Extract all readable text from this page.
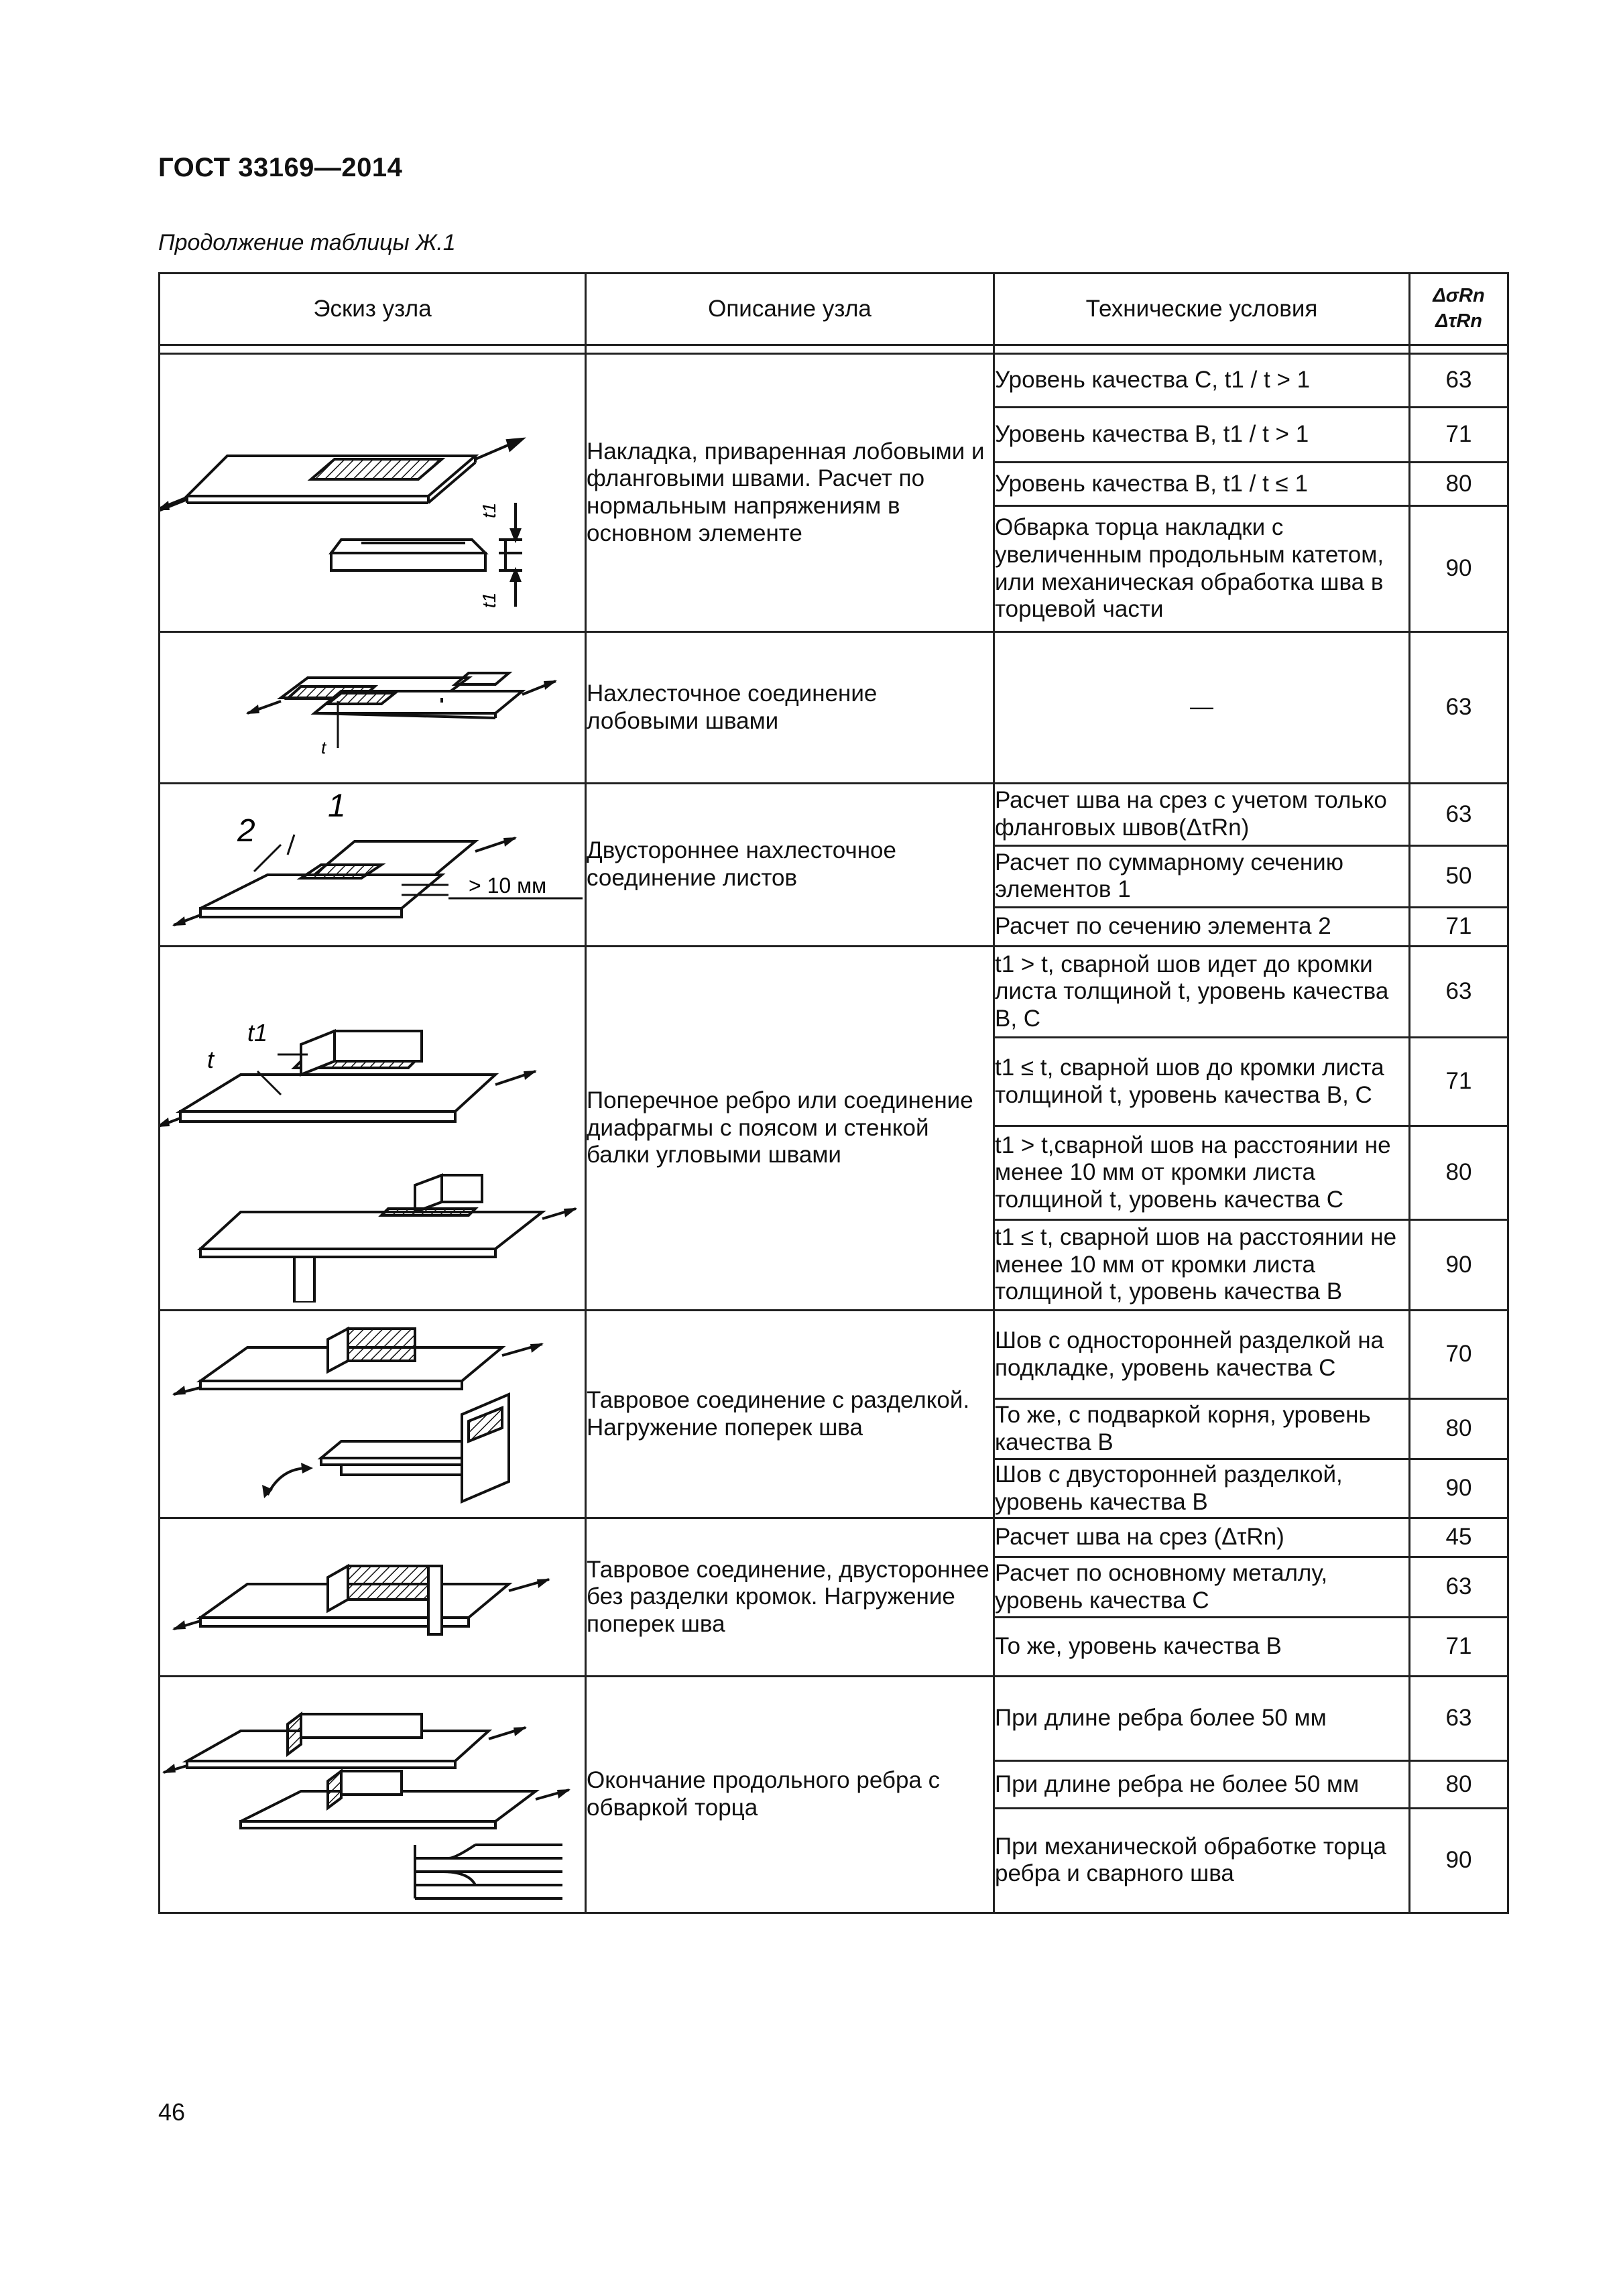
ГОСТ 33169—2014
Продолжение таблицы Ж.1
Эскиз узла	Описание узла	Технические условия	ΔσRn
ΔτRn

t1
t1	Накладка, приваренная лобовыми и фланговыми швами. Расчет по нормальным напряжениям в основном элементе	Уровень качества С, t1 / t > 1	63
		Уровень качества В, t1 / t > 1	71
		Уровень качества В, t1 / t ≤ 1	80
		Обварка торца накладки с увеличенным продольным катетом, или механическая обработка шва в торцевой части	90

t	Нахлесточное соединение лобовыми швами	—	63

1
2
> 10 мм	Двустороннее нахлесточное соединение листов	Расчет шва на срез с учетом только фланговых швов(ΔτRn)	63
		Расчет по суммарному сечению элементов 1	50
		Расчет по сечению элемента 2	71

t
t1	Поперечное ребро или соединение диафрагмы с поясом и стенкой балки угловыми швами	t1 > t, сварной шов идет до кромки листа толщиной t, уровень качества B, C	63
		t1 ≤ t, сварной шов до кромки листа толщиной t, уровень качества B, C	71
		t1 > t,сварной шов на расстоянии не менее 10 мм от кромки листа толщиной t, уровень качества C	80
		t1 ≤ t, сварной шов на расстоянии не менее 10 мм от кромки листа толщиной t, уровень качества B	90

	Тавровое соединение с разделкой. Нагружение поперек шва	Шов с односторонней разделкой на подкладке, уровень качества C	70
		То же, с подваркой корня, уровень качества B	80
		Шов с двусторонней разделкой, уровень качества B	90

	Тавровое соединение, двустороннее без разделки кромок. Нагружение поперек шва	Расчет шва на срез (ΔτRn)	45
		Расчет по основному металлу, уровень качества C	63
		То же, уровень качества B	71

	Окончание продольного ребра с обваркой торца	При длине ребра более 50 мм	63
		При длине ребра не более 50 мм	80
		При механической обработке торца ребра и сварного шва	90
46
